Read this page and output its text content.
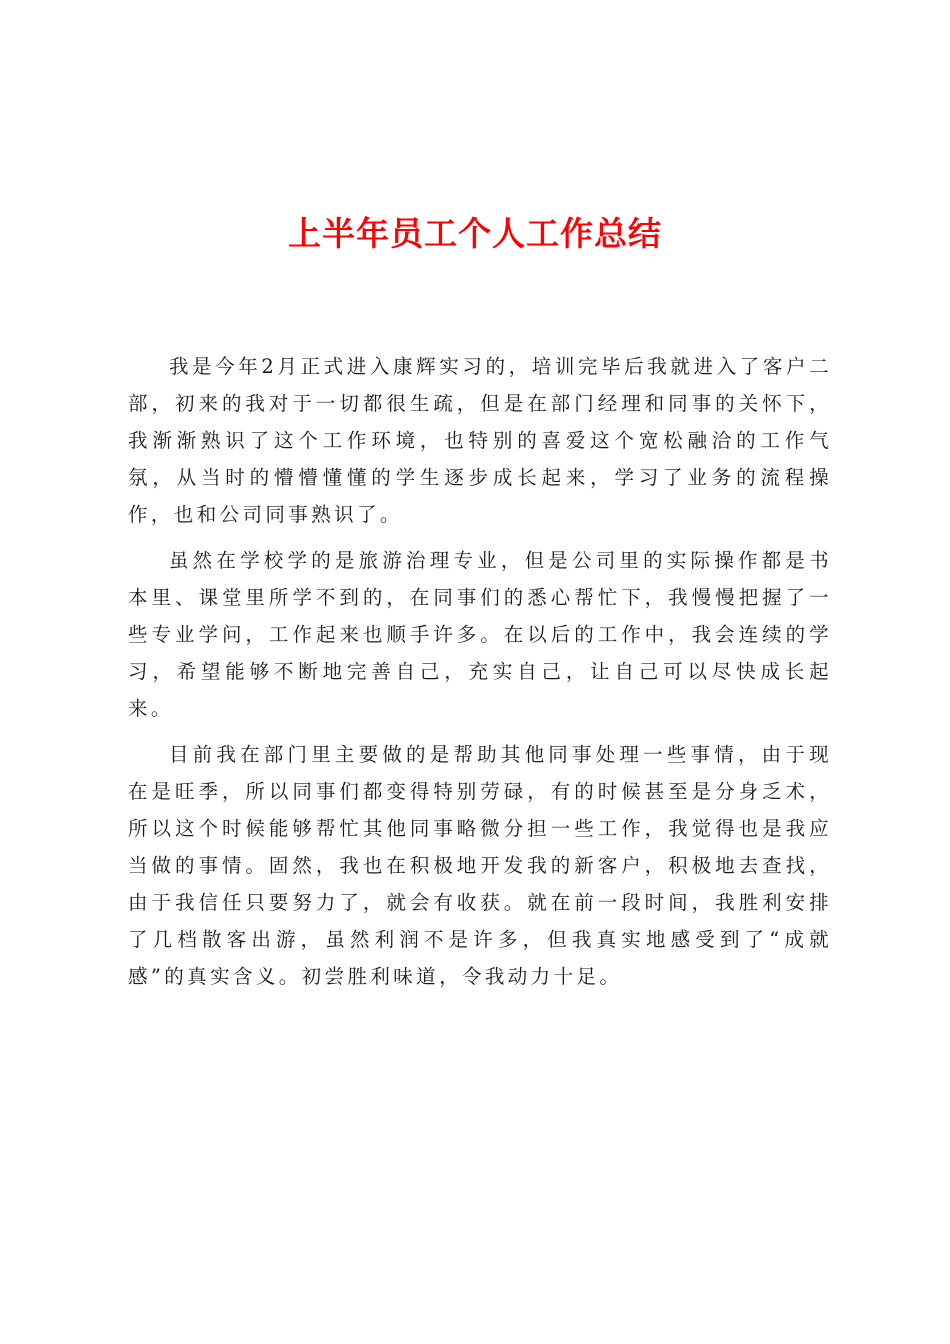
上半年员工个人工作总结

我是今年2月正式进入康辉实习的，培训完毕后我就进入了客户二部，初来的我对于一切都很生疏，但是在部门经理和同事的关怀下，我渐渐熟识了这个工作环境，也特别的喜爱这个宽松融洽的工作气氛，从当时的懵懵懂懂的学生逐步成长起来，学习了业务的流程操作，也和公司同事熟识了。

虽然在学校学的是旅游治理专业，但是公司里的实际操作都是书本里、课堂里所学不到的，在同事们的悉心帮忙下，我慢慢把握了一些专业学问，工作起来也顺手许多。在以后的工作中，我会连续的学习，希望能够不断地完善自己，充实自己，让自己可以尽快成长起来。

目前我在部门里主要做的是帮助其他同事处理一些事情，由于现在是旺季，所以同事们都变得特别劳碌，有的时候甚至是分身乏术，所以这个时候能够帮忙其他同事略微分担一些工作，我觉得也是我应当做的事情。固然，我也在积极地开发我的新客户，积极地去查找，由于我信任只要努力了，就会有收获。就在前一段时间，我胜利安排了几档散客出游，虽然利润不是许多，但我真实地感受到了“成就感”的真实含义。初尝胜利味道，令我动力十足。
